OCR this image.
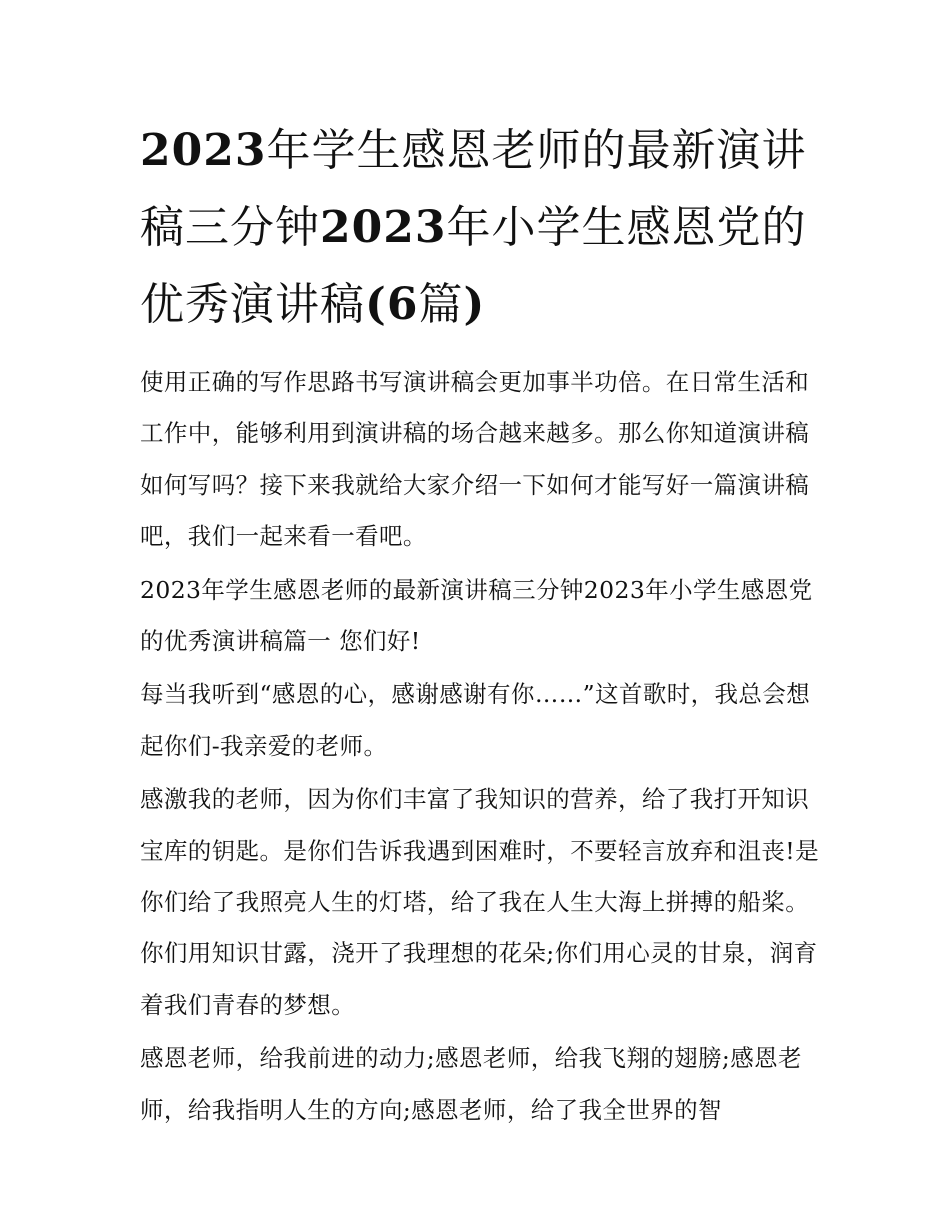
2023年学生感恩老师的最新演讲稿三分钟2023年小学生感恩党的优秀演讲稿(6篇)

使用正确的写作思路书写演讲稿会更加事半功倍。在日常生活和工作中，能够利用到演讲稿的场合越来越多。那么你知道演讲稿如何写吗？接下来我就给大家介绍一下如何才能写好一篇演讲稿吧，我们一起来看一看吧。

2023年学生感恩老师的最新演讲稿三分钟2023年小学生感恩党的优秀演讲稿篇一 您们好!

每当我听到“感恩的心，感谢感谢有你……”这首歌时，我总会想起你们-我亲爱的老师。

感激我的老师，因为你们丰富了我知识的营养，给了我打开知识宝库的钥匙。是你们告诉我遇到困难时，不要轻言放弃和沮丧!是你们给了我照亮人生的灯塔，给了我在人生大海上拼搏的船桨。你们用知识甘露，浇开了我理想的花朵;你们用心灵的甘泉，润育着我们青春的梦想。

感恩老师，给我前进的动力;感恩老师，给我飞翔的翅膀;感恩老师，给我指明人生的方向;感恩老师，给了我全世界的智
